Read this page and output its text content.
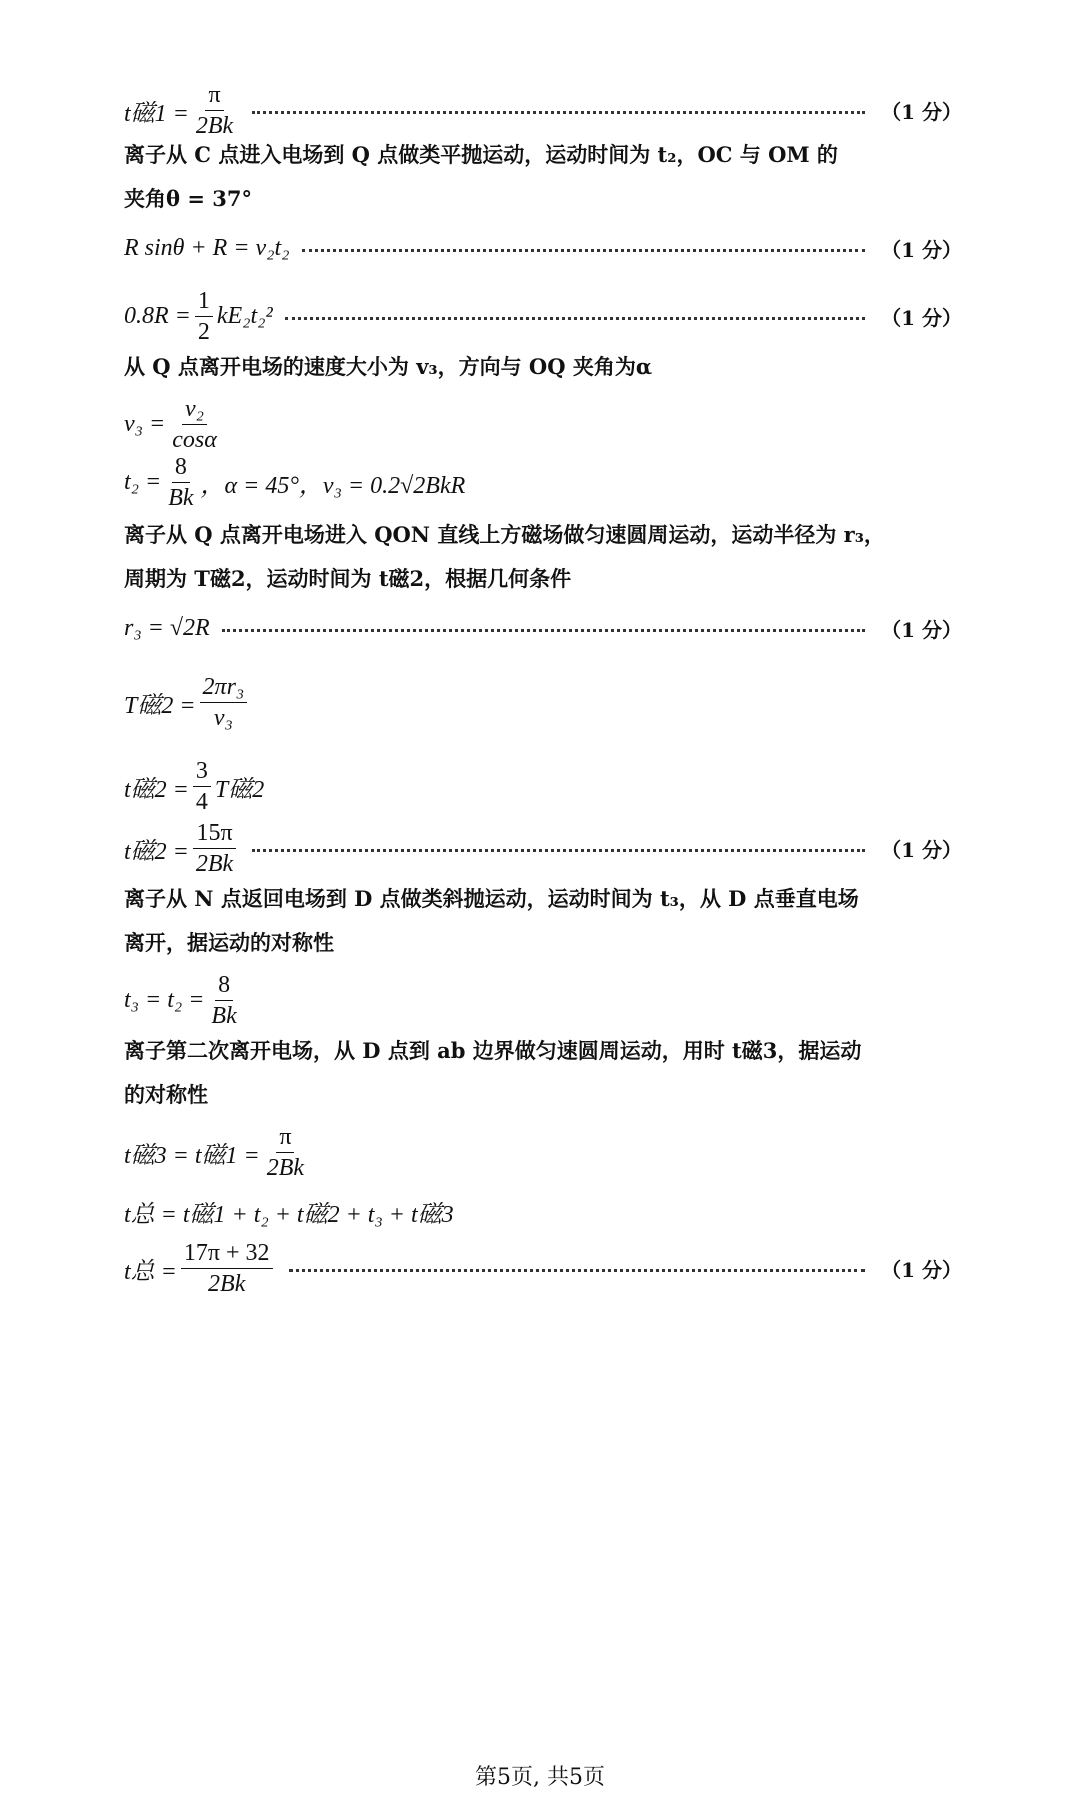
t磁$1 = \frac{\pi}{2Bk}$	（1 分）
离子从 C 点进入电场到 Q 点做类平抛运动，运动时间为 t₂，OC 与 OM 的
夹角θ = 37°
R sinθ + R = v₂t₂	（1 分）
$0.8R = \frac{1}{2} kE_2t_2^2$	（1 分）
从 Q 点离开电场的速度大小为 v₃，方向与 OQ 夹角为α
$v_3 = \frac{\text{v₂}}{\cos\alpha}$
$t_2 = \frac{8}{Bk}$ ，α = 45°，v₃ = 0.2√2BkR
离子从 Q 点离开电场进入 QON 直线上方磁场做匀速圆周运动，运动半径为 r₃，
周期为 T磁2，运动时间为 t磁2，根据几何条件
r₃ = √2R	（1 分）
T磁$2 = \frac{\text{2πr₃}}{\text{v₃}}$
t磁$2 = \frac{3}{4}$ T磁2
t磁$2 = \frac{15\pi}{2Bk}$	（1 分）
离子从 N 点返回电场到 D 点做类斜抛运动，运动时间为 t₃，从 D 点垂直电场
离开，据运动的对称性
$t_3 = t_2 = \frac{8}{Bk}$
离子第二次离开电场，从 D 点到 ab 边界做匀速圆周运动，用时 t磁3，据运动
的对称性
t磁3 = t磁$1 = \frac{\pi}{2Bk}$
t总 = t磁1 + t₂ + t磁2 + t₃ + t磁3
t总 = $\frac{17\pi + 32}{2Bk}$	（1 分）
第5页, 共5页
